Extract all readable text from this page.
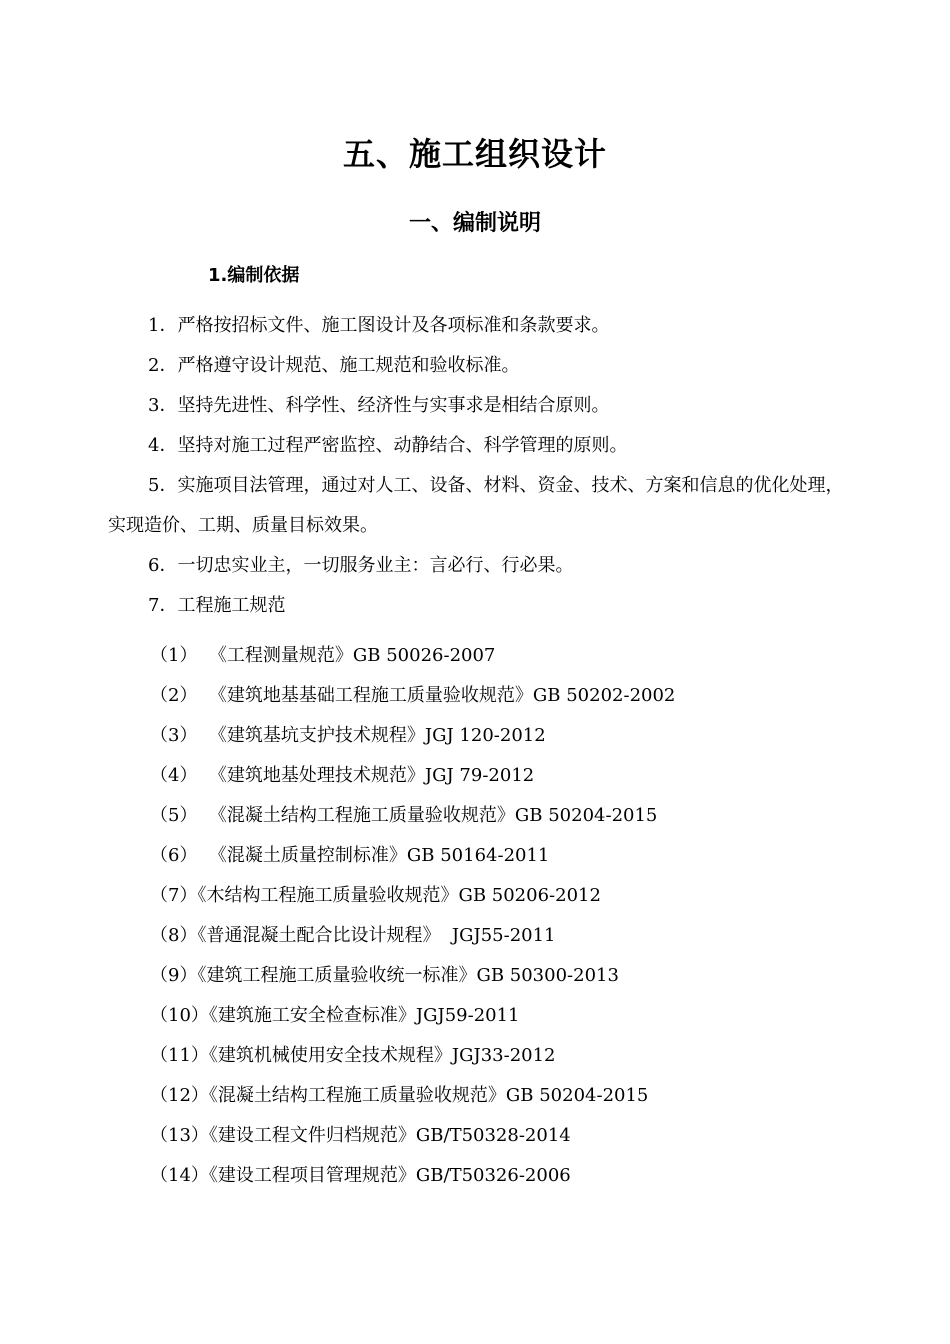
五、施工组织设计
一、编制说明
1.编制依据
1．严格按招标文件、施工图设计及各项标准和条款要求。
2．严格遵守设计规范、施工规范和验收标准。
3．坚持先进性、科学性、经济性与实事求是相结合原则。
4．坚持对施工过程严密监控、动静结合、科学管理的原则。
5．实施项目法管理，通过对人工、设备、材料、资金、技术、方案和信息的优化处理，实现造价、工期、质量目标效果。
6．一切忠实业主，一切服务业主：言必行、行必果。
7．工程施工规范
（1）  《工程测量规范》GB 50026-2007
（2）  《建筑地基基础工程施工质量验收规范》GB 50202-2002
（3）  《建筑基坑支护技术规程》JGJ 120-2012
（4）  《建筑地基处理技术规范》JGJ 79-2012
（5）  《混凝土结构工程施工质量验收规范》GB 50204-2015
（6）  《混凝土质量控制标准》GB 50164-2011
（7）《木结构工程施工质量验收规范》GB 50206-2012
（8）《普通混凝土配合比设计规程》  JGJ55-2011
（9）《建筑工程施工质量验收统一标准》GB 50300-2013
（10）《建筑施工安全检查标准》JGJ59-2011
（11）《建筑机械使用安全技术规程》JGJ33-2012
（12）《混凝土结构工程施工质量验收规范》GB 50204-2015
（13）《建设工程文件归档规范》GB/T50328-2014
（14）《建设工程项目管理规范》GB/T50326-2006
